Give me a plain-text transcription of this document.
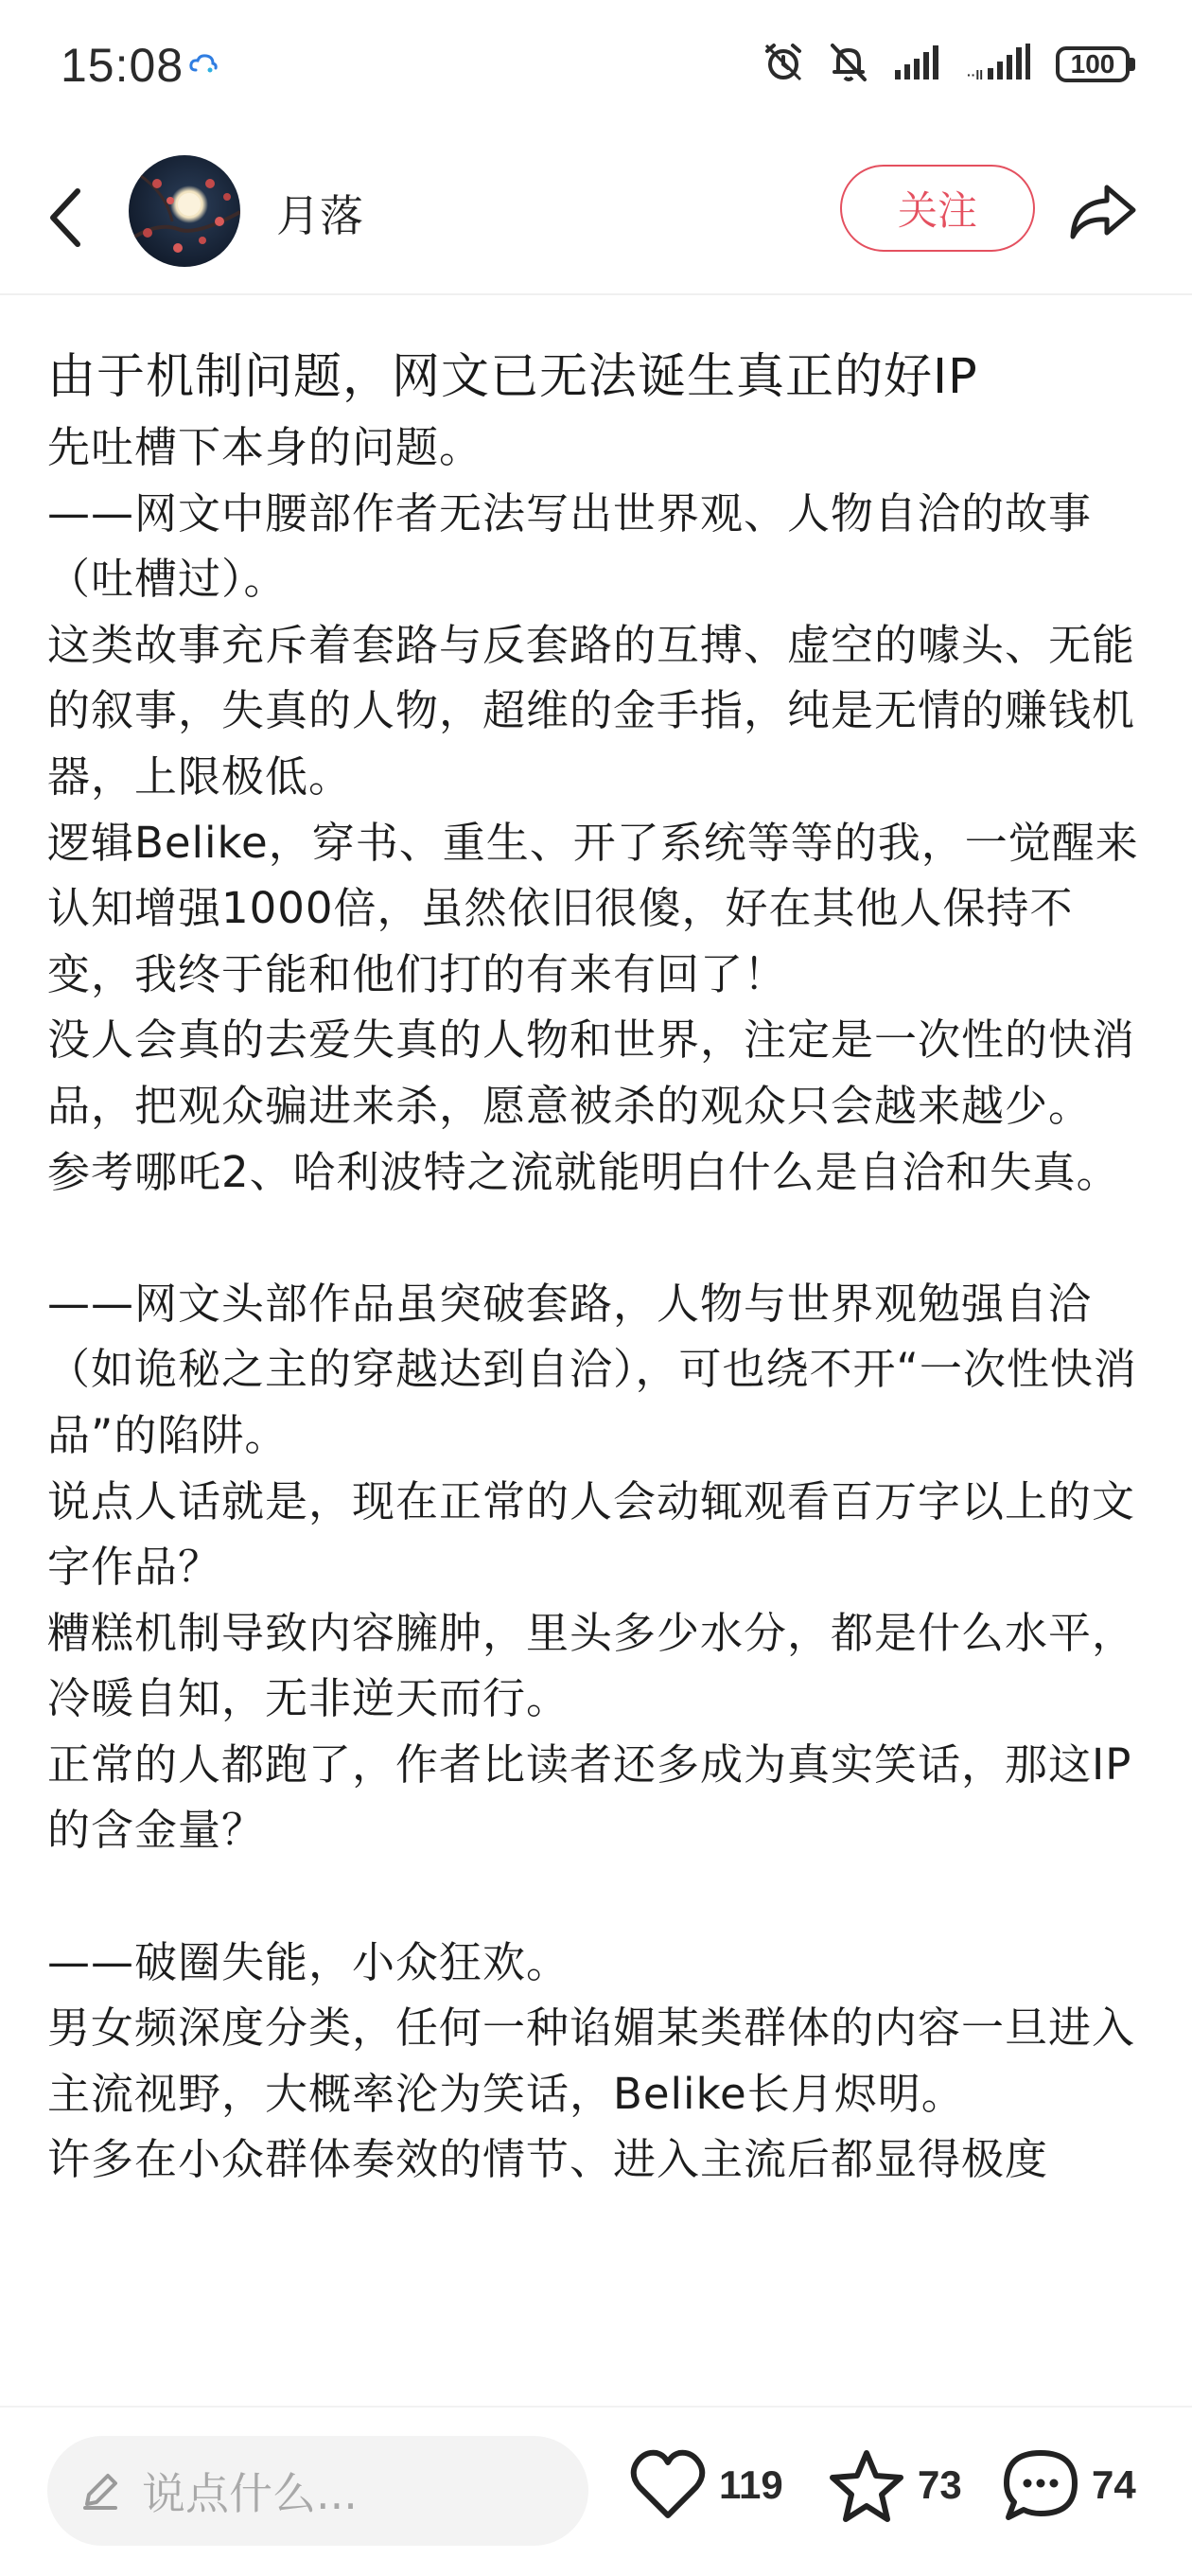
15:08	··ll	100
月落	关注
由于机制问题，网文已无法诞生真正的好IP

先吐槽下本身的问题。

——网文中腰部作者无法写出世界观、人物自洽的故事（吐槽过）。

这类故事充斥着套路与反套路的互搏、虚空的噱头、无能的叙事，失真的人物，超维的金手指，纯是无情的赚钱机器，上限极低。

逻辑Belike，穿书、重生、开了系统等等的我，一觉醒来认知增强1000倍，虽然依旧很傻，好在其他人保持不变，我终于能和他们打的有来有回了！

没人会真的去爱失真的人物和世界，注定是一次性的快消品，把观众骗进来杀，愿意被杀的观众只会越来越少。

参考哪吒2、哈利波特之流就能明白什么是自洽和失真。

——网文头部作品虽突破套路，人物与世界观勉强自洽（如诡秘之主的穿越达到自洽），可也绕不开“一次性快消品”的陷阱。

说点人话就是，现在正常的人会动辄观看百万字以上的文字作品？

糟糕机制导致内容臃肿，里头多少水分，都是什么水平，冷暖自知，无非逆天而行。

正常的人都跑了，作者比读者还多成为真实笑话，那这IP的含金量？

——破圈失能，小众狂欢。

男女频深度分类，任何一种谄媚某类群体的内容一旦进入主流视野，大概率沦为笑话，Belike长月烬明。

许多在小众群体奏效的情节、进入主流后都显得极度

说点什么...	119	73	74
